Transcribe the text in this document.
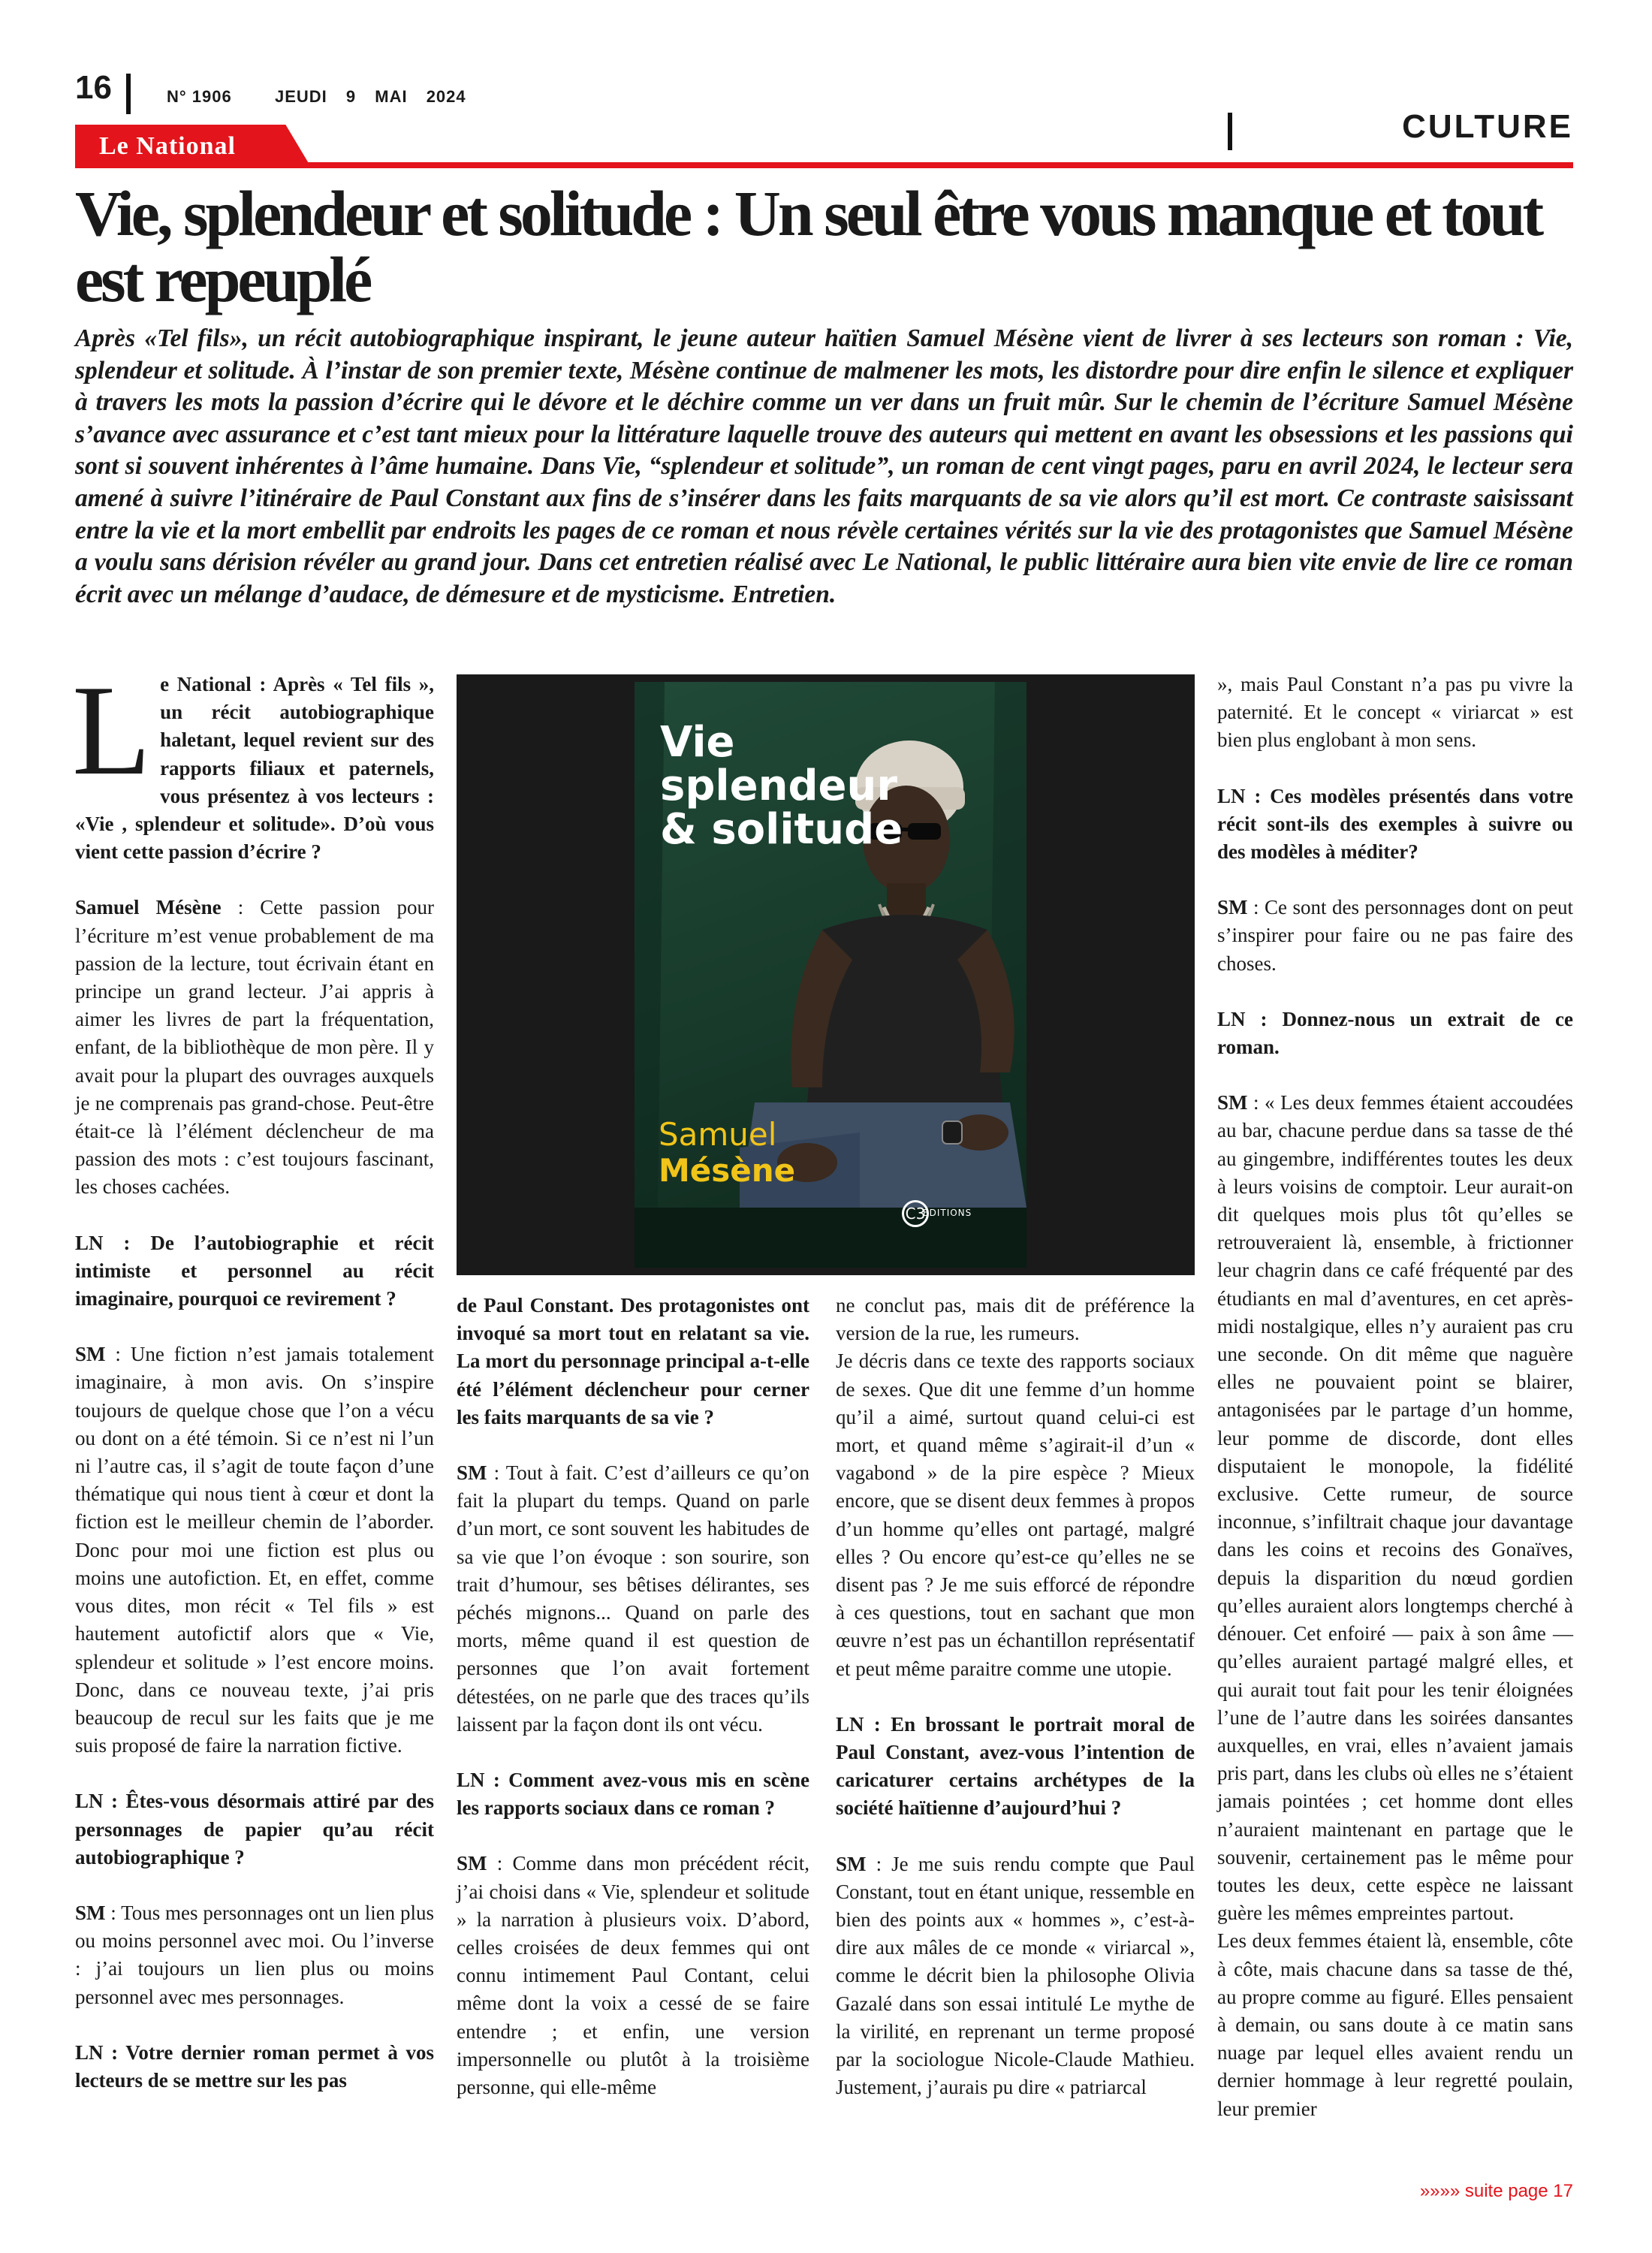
16	N° 1906	JEUDI 9 MAI 2024
CULTURE
Le National
Vie, splendeur et solitude : Un seul être vous manque et tout est repeuplé
Après «Tel fils», un récit autobiographique inspirant, le jeune auteur haïtien Samuel Mésène vient de livrer à ses lecteurs son roman : Vie, splendeur et solitude. À l’instar de son premier texte, Mésène continue de malmener les mots, les distordre pour dire enfin le silence et expliquer à travers les mots la passion d’écrire qui le dévore et le déchire comme un ver dans un fruit mûr. Sur le chemin de l’écriture Samuel Mésène s’avance avec assurance et c’est tant mieux pour la littérature laquelle trouve des auteurs qui mettent en avant les obsessions et les passions qui sont si souvent inhérentes à l’âme humaine. Dans Vie, “splendeur et solitude”, un roman de cent vingt pages, paru en avril 2024, le lecteur sera amené à suivre l’itinéraire de Paul Constant aux fins de s’insérer dans les faits marquants de sa vie alors qu’il est mort. Ce contraste saisissant entre la vie et la mort embellit par endroits les pages de ce roman et nous révèle certaines vérités sur la vie des protagonistes que Samuel Mésène a voulu sans dérision révéler au grand jour. Dans cet entretien réalisé avec Le National, le public littéraire aura bien vite envie de lire ce roman écrit avec un mélange d’audace, de démesure et de mysticisme. Entretien.

L e National : Après « Tel fils », un récit autobiographique haletant, lequel revient sur des rapports filiaux et paternels, vous présentez à vos lecteurs : «Vie , splendeur et solitude». D’où vous vient cette passion d’écrire ?

Samuel Mésène : Cette passion pour l’écriture m’est venue probablement de ma passion de la lecture, tout écrivain étant en principe un grand lecteur. J’ai appris à aimer les livres de part la fréquentation, enfant, de la bibliothèque de mon père. Il y avait pour la plupart des ouvrages auxquels je ne comprenais pas grand-chose. Peut-être était-ce là l’élément déclencheur de ma passion des mots : c’est toujours fascinant, les choses cachées.

LN : De l’autobiographie et récit intimiste et personnel au récit imaginaire, pourquoi ce revirement ?

SM : Une fiction n’est jamais totalement imaginaire, à mon avis. On s’inspire toujours de quelque chose que l’on a vécu ou dont on a été témoin. Si ce n’est ni l’un ni l’autre cas, il s’agit de toute façon d’une thématique qui nous tient à cœur et dont la fiction est le meilleur chemin de l’aborder. Donc pour moi une fiction est plus ou moins une autofiction. Et, en effet, comme vous dites, mon récit « Tel fils » est hautement autofictif alors que « Vie, splendeur et solitude » l’est encore moins. Donc, dans ce nouveau texte, j’ai pris beaucoup de recul sur les faits que je me suis proposé de faire la narration fictive.

LN : Êtes-vous désormais attiré par des personnages de papier qu’au récit autobiographique ?

SM : Tous mes personnages ont un lien plus ou moins personnel avec moi. Ou l’inverse : j’ai toujours un lien plus ou moins personnel avec mes personnages.

LN : Votre dernier roman permet à vos lecteurs de se mettre sur les pas

Vie
splendeur
& solitude
Samuel
Mésène
C3
EDITIONS

de Paul Constant. Des protagonistes ont invoqué sa mort tout en relatant sa vie. La mort du personnage principal a-t-elle été l’élément déclencheur pour cerner les faits marquants de sa vie ?

SM : Tout à fait. C’est d’ailleurs ce qu’on fait la plupart du temps. Quand on parle d’un mort, ce sont souvent les habitudes de sa vie que l’on évoque : son sourire, son trait d’humour, ses bêtises délirantes, ses péchés mignons... Quand on parle des morts, même quand il est question de personnes que l’on avait fortement détestées, on ne parle que des traces qu’ils laissent par la façon dont ils ont vécu.

LN : Comment avez-vous mis en scène les rapports sociaux dans ce roman ?

SM : Comme dans mon précédent récit, j’ai choisi dans « Vie, splendeur et solitude » la narration à plusieurs voix. D’abord, celles croisées de deux femmes qui ont connu intimement Paul Contant, celui même dont la voix a cessé de se faire entendre ; et enfin, une version impersonnelle ou plutôt à la troisième personne, qui elle-même

ne conclut pas, mais dit de préférence la version de la rue, les rumeurs.

Je décris dans ce texte des rapports sociaux de sexes. Que dit une femme d’un homme qu’il a aimé, surtout quand celui-ci est mort, et quand même s’agirait-il d’un « vagabond » de la pire espèce ? Mieux encore, que se disent deux femmes à propos d’un homme qu’elles ont partagé, malgré elles ? Ou encore qu’est-ce qu’elles ne se disent pas ? Je me suis efforcé de répondre à ces questions, tout en sachant que mon œuvre n’est pas un échantillon représentatif et peut même paraitre comme une utopie.

LN : En brossant le portrait moral de Paul Constant, avez-vous l’intention de caricaturer certains archétypes de la société haïtienne d’aujourd’hui ?

SM : Je me suis rendu compte que Paul Constant, tout en étant unique, ressemble en bien des points aux « hommes », c’est-à-dire aux mâles de ce monde « viriarcal », comme le décrit bien la philosophe Olivia Gazalé dans son essai intitulé Le mythe de la virilité, en reprenant un terme proposé par la sociologue Nicole-Claude Mathieu. Justement, j’aurais pu dire « patriarcal

», mais Paul Constant n’a pas pu vivre la paternité. Et le concept « viriarcat » est bien plus englobant à mon sens.

LN : Ces modèles présentés dans votre récit sont-ils des exemples à suivre ou des modèles à méditer?

SM : Ce sont des personnages dont on peut s’inspirer pour faire ou ne pas faire des choses.

LN : Donnez-nous un extrait de ce roman.

SM : « Les deux femmes étaient accoudées au bar, chacune perdue dans sa tasse de thé au gingembre, indifférentes toutes les deux à leurs voisins de comptoir. Leur aurait-on dit quelques mois plus tôt qu’elles se retrouveraient là, ensemble, à frictionner leur chagrin dans ce café fréquenté par des étudiants en mal d’aventures, en cet après-midi nostalgique, elles n’y auraient pas cru une seconde. On dit même que naguère elles ne pouvaient point se blairer, antagonisées par le partage d’un homme, leur pomme de discorde, dont elles disputaient le monopole, la fidélité exclusive. Cette rumeur, de source inconnue, s’infiltrait chaque jour davantage dans les coins et recoins des Gonaïves, depuis la disparition du nœud gordien qu’elles auraient alors longtemps cherché à dénouer. Cet enfoiré — paix à son âme — qu’elles auraient partagé malgré elles, et qui aurait tout fait pour les tenir éloignées l’une de l’autre dans les soirées dansantes auxquelles, en vrai, elles n’avaient jamais pris part, dans les clubs où elles ne s’étaient jamais pointées ; cet homme dont elles n’auraient maintenant en partage que le souvenir, certainement pas le même pour toutes les deux, cette espèce ne laissant guère les mêmes empreintes partout.

Les deux femmes étaient là, ensemble, côte à côte, mais chacune dans sa tasse de thé, au propre comme au figuré. Elles pensaient à demain, ou sans doute à ce matin sans nuage par lequel elles avaient rendu un dernier hommage à leur regretté poulain, leur premier

»»»» suite page 17
